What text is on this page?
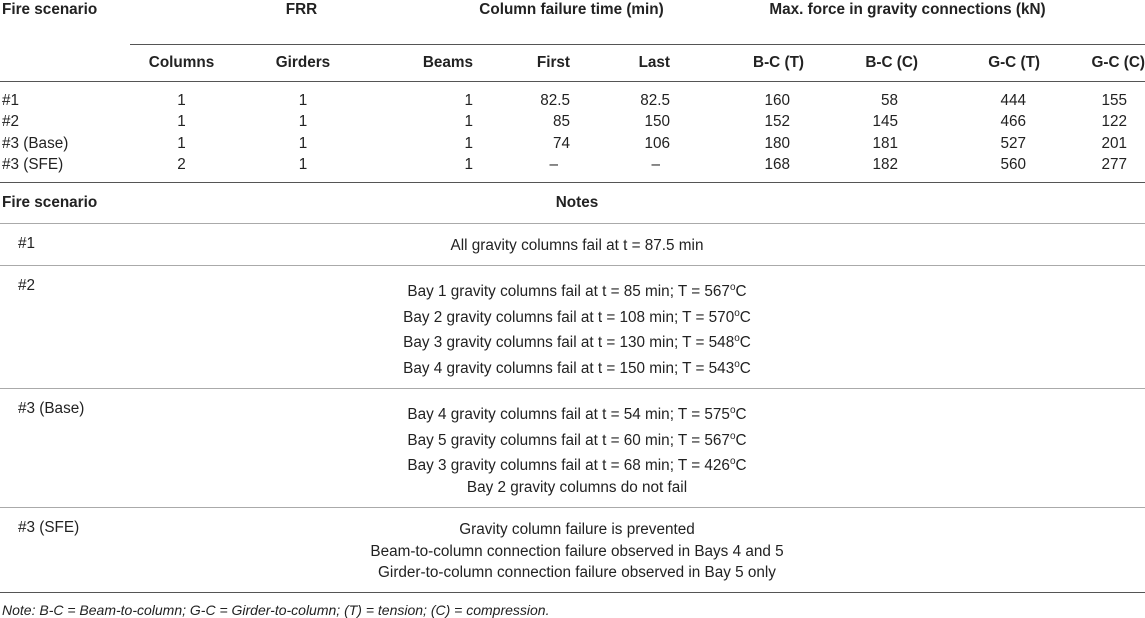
Fire scenario	FRR			Column failure time (min)		Max. force in gravity connections (kN)			
	Columns	Girders	Beams	First	Last	B-C (T)	B-C (C)	G-C (T)	G-C (C)
#1	1	1	1	82.5	82.5	160	58	444	155
#2	1	1	1	85	150	152	145	466	122
#3 (Base)	1	1	1	74	106	180	181	527	201
#3 (SFE)	2	1	1	–	–	168	182	560	277
Fire scenario	Notes
#1	All gravity columns fail at t = 87.5 min

#2	Bay 1 gravity columns fail at t = 85 min; $T = 567^oC$
Bay 2 gravity columns fail at t = 108 min; $T = 570^oC$
Bay 3 gravity columns fail at t = 130 min; $T = 548^oC$
Bay 4 gravity columns fail at t = 150 min; $T = 543^oC$

#3 (Base)	Bay 4 gravity columns fail at t = 54 min; $T = 575^oC$
Bay 5 gravity columns fail at t = 60 min; $T = 567^oC$
Bay 3 gravity columns fail at t = 68 min; $T = 426^oC$
Bay 2 gravity columns do not fail

#3 (SFE)	Gravity column failure is prevented
Beam-to-column connection failure observed in Bays 4 and 5
Girder-to-column connection failure observed in Bay 5 only
Note: B-C = Beam-to-column; G-C = Girder-to-column; (T) = tension; (C) = compression.
